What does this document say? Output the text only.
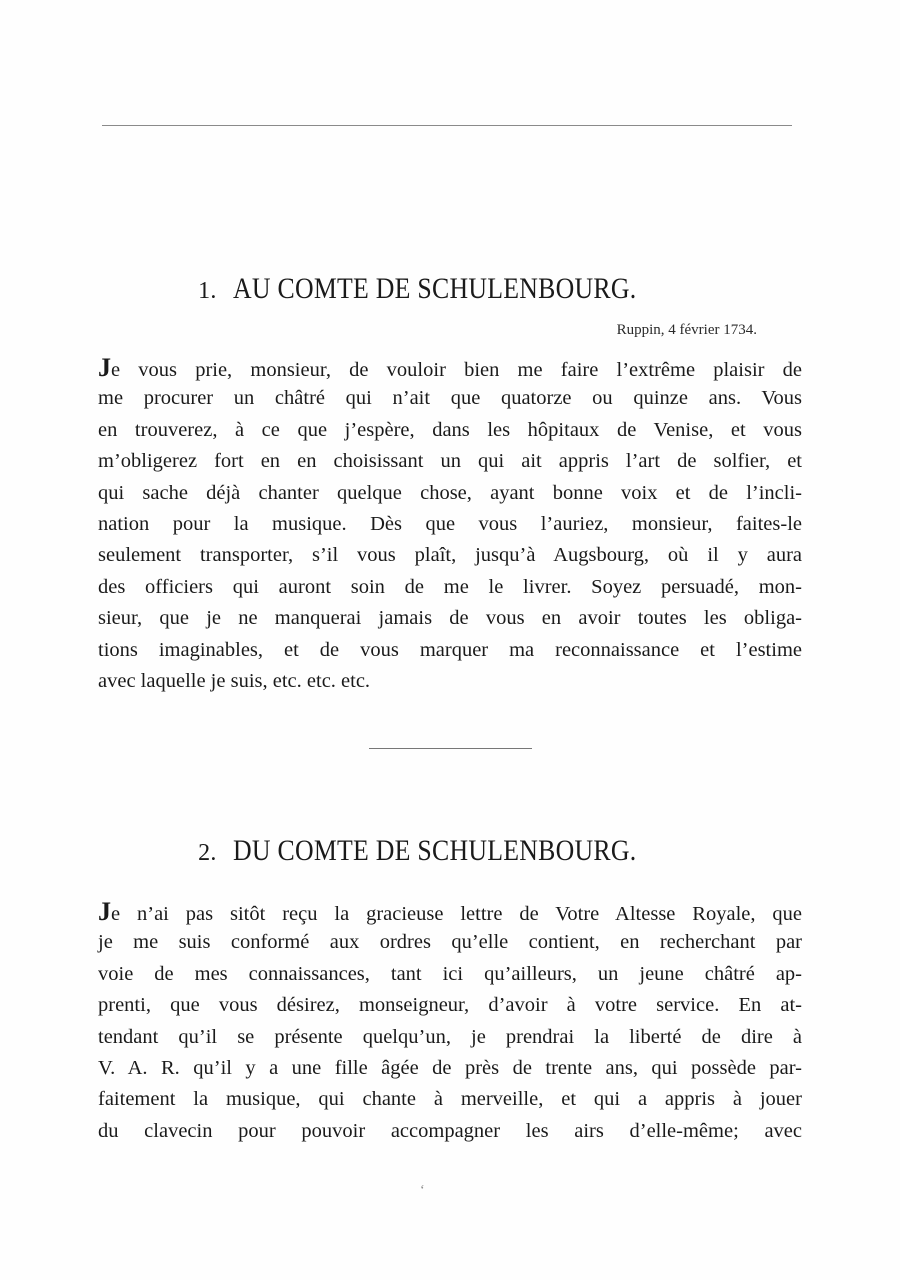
1. AU COMTE DE SCHULENBOURG.
Ruppin, 4 février 1734.
Je vous prie, monsieur, de vouloir bien me faire l’extrême plaisir de
me procurer un châtré qui n’ait que quatorze ou quinze ans. Vous
en trouverez, à ce que j’espère, dans les hôpitaux de Venise, et vous
m’obligerez fort en en choisissant un qui ait appris l’art de solfier, et
qui sache déjà chanter quelque chose, ayant bonne voix et de l’incli-
nation pour la musique. Dès que vous l’auriez, monsieur, faites-le
seulement transporter, s’il vous plaît, jusqu’à Augsbourg, où il y aura
des officiers qui auront soin de me le livrer. Soyez persuadé, mon-
sieur, que je ne manquerai jamais de vous en avoir toutes les obliga-
tions imaginables, et de vous marquer ma reconnaissance et l’estime
avec laquelle je suis, etc. etc. etc.
2. DU COMTE DE SCHULENBOURG.
Je n’ai pas sitôt reçu la gracieuse lettre de Votre Altesse Royale, que
je me suis conformé aux ordres qu’elle contient, en recherchant par
voie de mes connaissances, tant ici qu’ailleurs, un jeune châtré ap-
prenti, que vous désirez, monseigneur, d’avoir à votre service. En at-
tendant qu’il se présente quelqu’un, je prendrai la liberté de dire à
V. A. R. qu’il y a une fille âgée de près de trente ans, qui possède par-
faitement la musique, qui chante à merveille, et qui a appris à jouer
du clavecin pour pouvoir accompagner les airs d’elle-même; avec
‘
